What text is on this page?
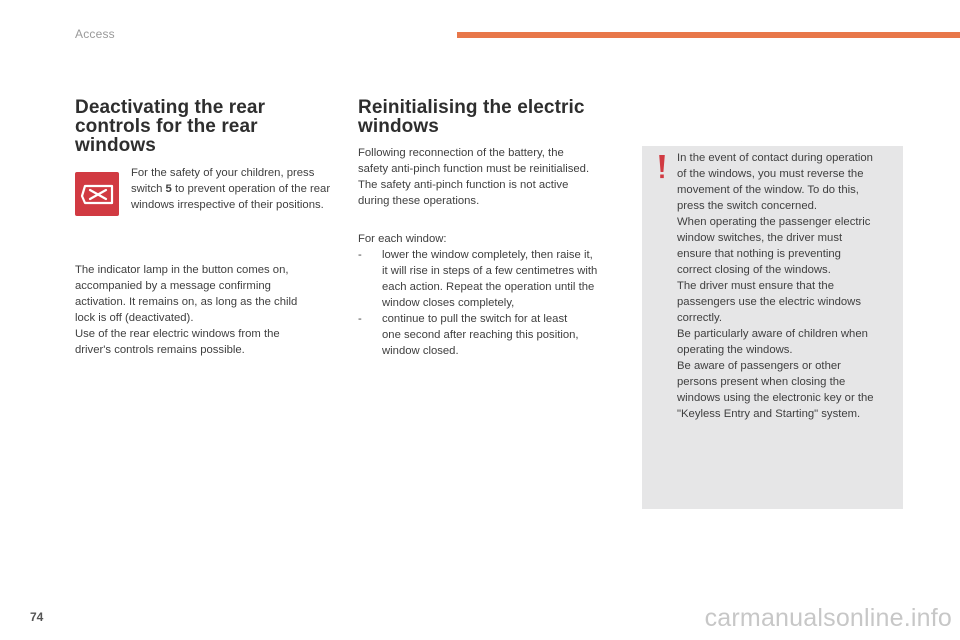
Access
Deactivating the rear
controls for the rear
windows

For the safety of your children, press switch 5 to prevent operation of the rear windows irrespective of their positions.

The indicator lamp in the button comes on,
accompanied by a message confirming
activation. It remains on, as long as the child
lock is off (deactivated).
Use of the rear electric windows from the
driver's controls remains possible.

Reinitialising the electric
windows

Following reconnection of the battery, the
safety anti-pinch function must be reinitialised.
The safety anti-pinch function is not active
during these operations.

For each window:

- lower the window completely, then raise it,
it will rise in steps of a few centimetres with
each action. Repeat the operation until the
window closes completely,
- continue to pull the switch for at least
one second after reaching this position,
window closed.

In the event of contact during operation
of the windows, you must reverse the
movement of the window. To do this,
press the switch concerned.
When operating the passenger electric
window switches, the driver must
ensure that nothing is preventing
correct closing of the windows.
The driver must ensure that the
passengers use the electric windows
correctly.
Be particularly aware of children when
operating the windows.
Be aware of passengers or other
persons present when closing the
windows using the electronic key or the
"Keyless Entry and Starting" system.

74	carmanualsonline.info
